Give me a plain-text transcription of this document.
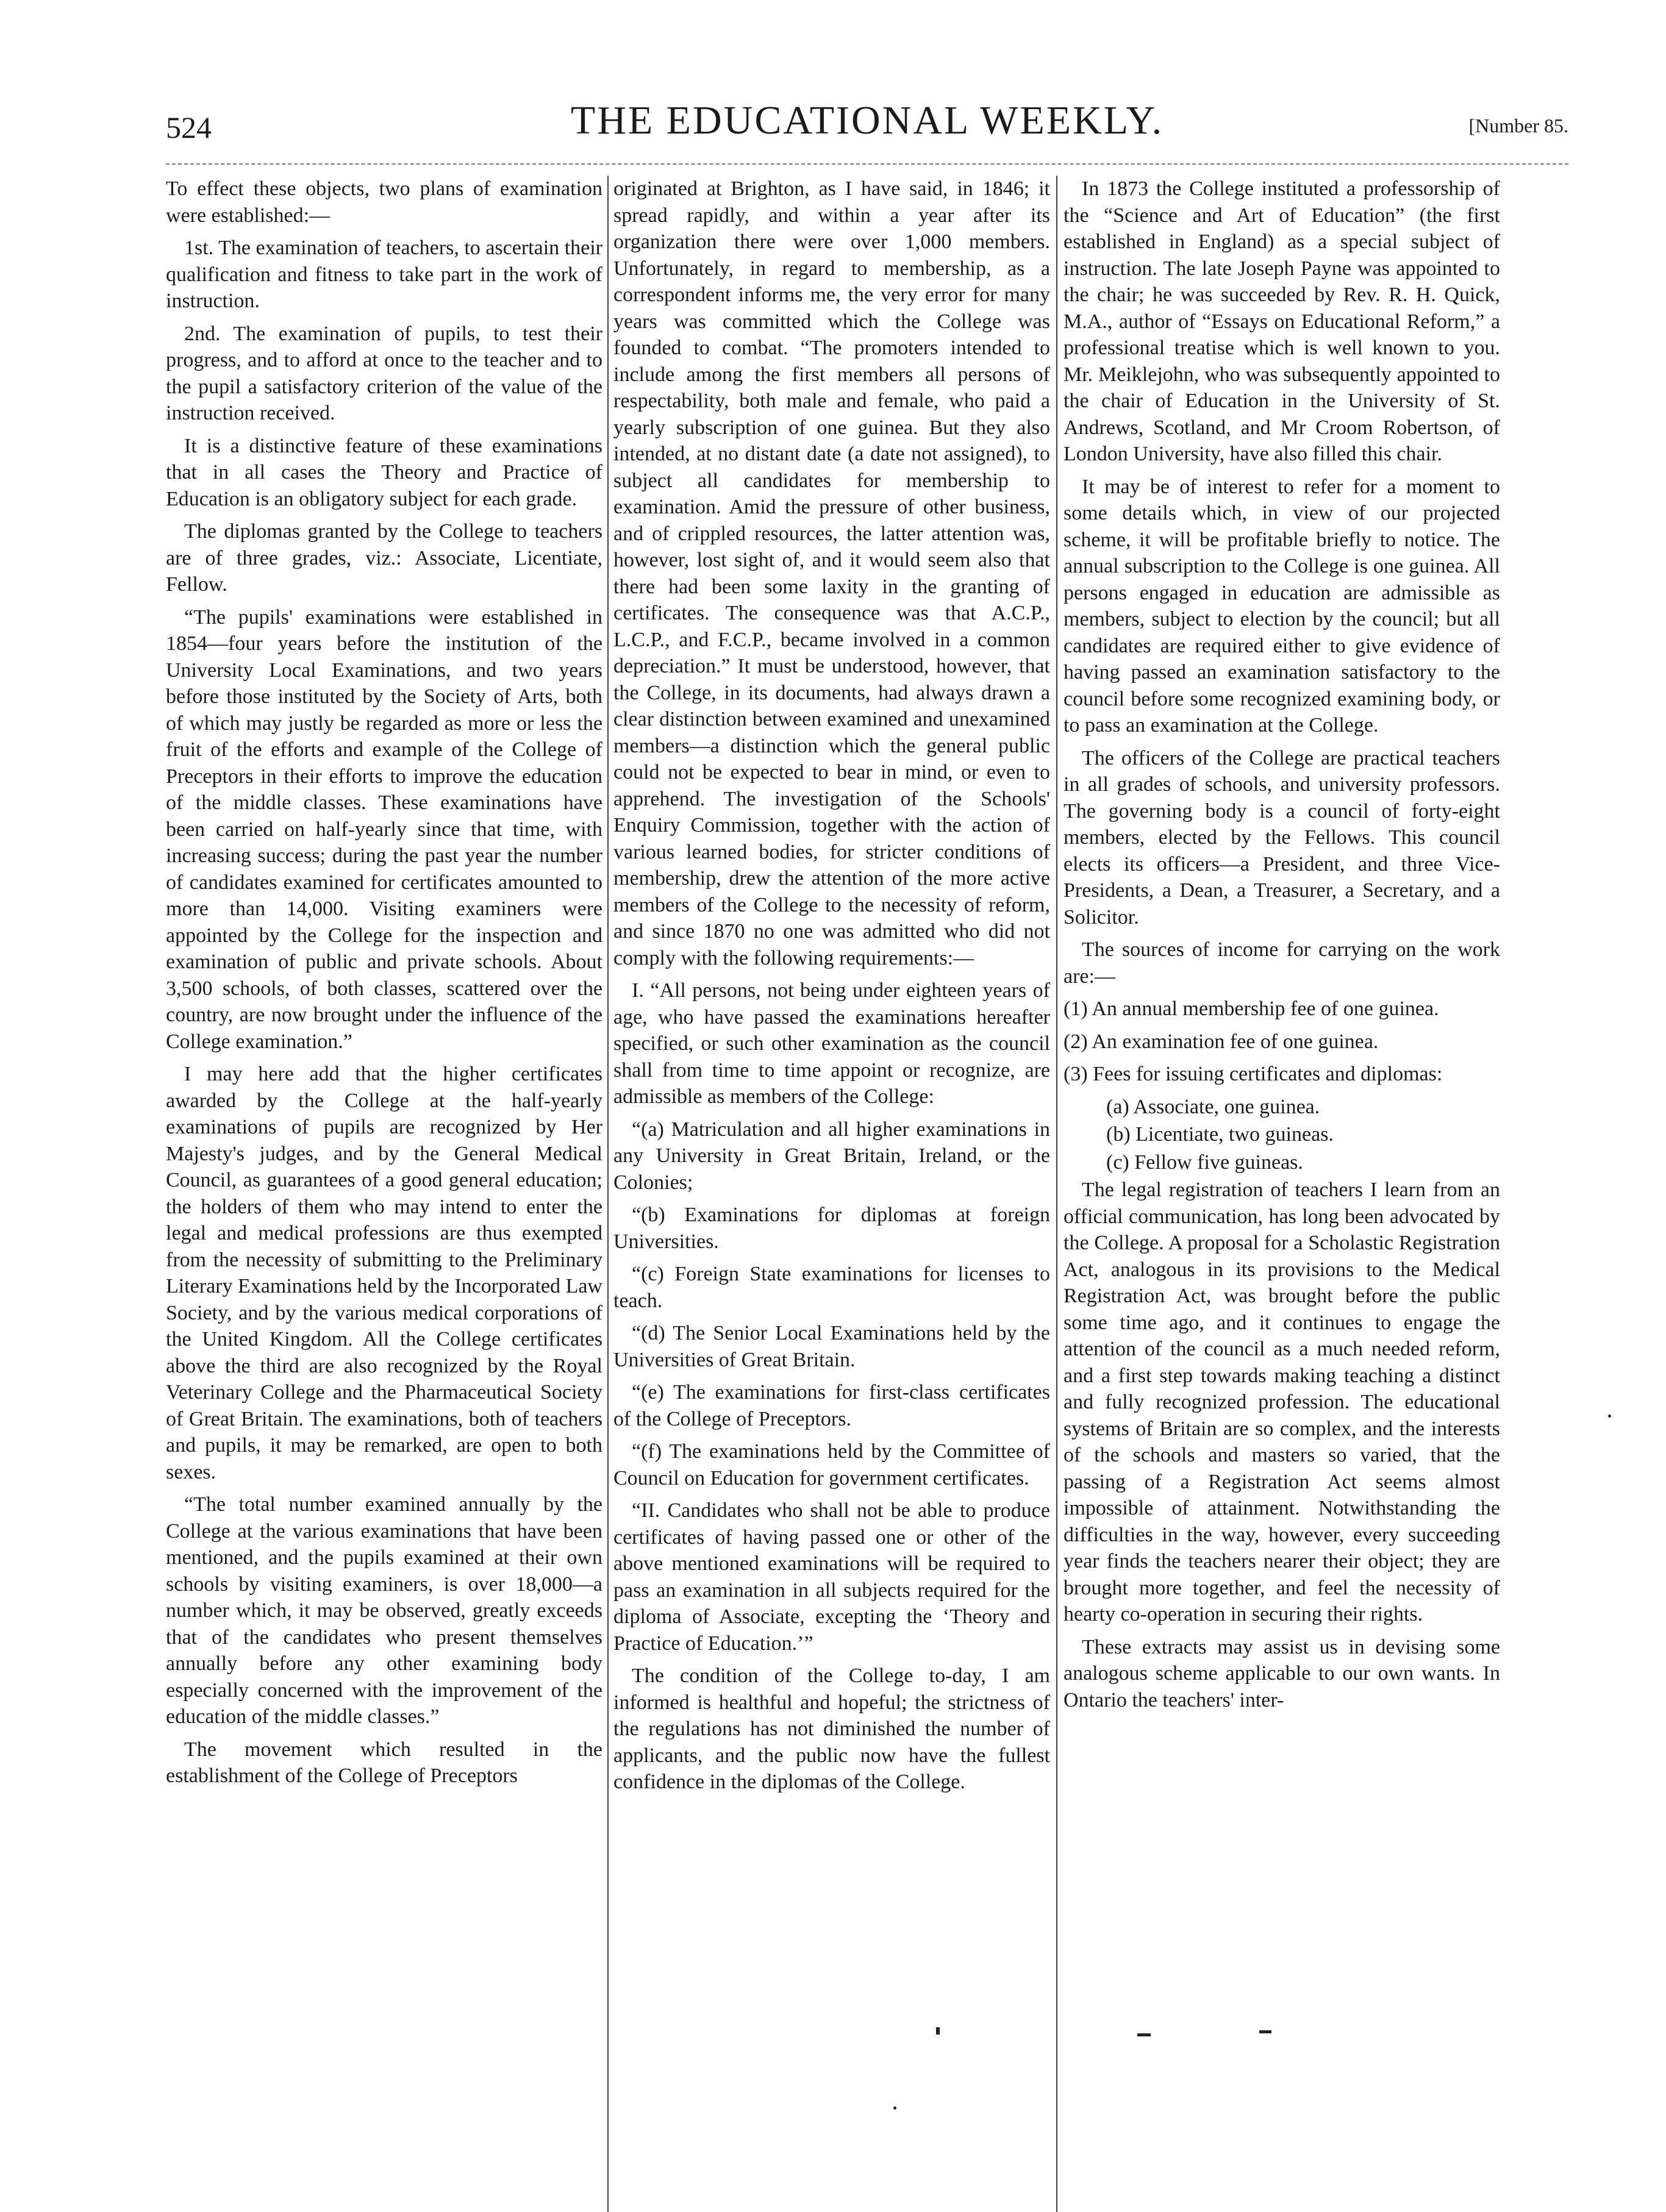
524	THE EDUCATIONAL WEEKLY.	[Number 85.

To effect these objects, two plans of examination were established:—

1st. The examination of teachers, to ascertain their qualification and fitness to take part in the work of instruction.

2nd. The examination of pupils, to test their progress, and to afford at once to the teacher and to the pupil a satisfactory criterion of the value of the instruction received.

It is a distinctive feature of these examinations that in all cases the Theory and Practice of Education is an obligatory subject for each grade.

The diplomas granted by the College to teachers are of three grades, viz.: Associate, Licentiate, Fellow.

“The pupils' examinations were established in 1854—four years before the institution of the University Local Examinations, and two years before those instituted by the Society of Arts, both of which may justly be regarded as more or less the fruit of the efforts and example of the College of Preceptors in their efforts to improve the education of the middle classes. These examinations have been carried on half-yearly since that time, with increasing success; during the past year the number of candidates examined for certificates amounted to more than 14,000. Visiting examiners were appointed by the College for the inspection and examination of public and private schools. About 3,500 schools, of both classes, scattered over the country, are now brought under the influence of the College examination.”

I may here add that the higher certificates awarded by the College at the half-yearly examinations of pupils are recognized by Her Majesty's judges, and by the General Medical Council, as guarantees of a good general education; the holders of them who may intend to enter the legal and medical professions are thus exempted from the necessity of submitting to the Preliminary Literary Examinations held by the Incorporated Law Society, and by the various medical corporations of the United Kingdom. All the College certificates above the third are also recognized by the Royal Veterinary College and the Pharmaceutical Society of Great Britain. The examinations, both of teachers and pupils, it may be remarked, are open to both sexes.

“The total number examined annually by the College at the various examinations that have been mentioned, and the pupils examined at their own schools by visiting examiners, is over 18,000—a number which, it may be observed, greatly exceeds that of the candidates who present themselves annually before any other examining body especially concerned with the improvement of the education of the middle classes.”

The movement which resulted in the establishment of the College of Preceptors

originated at Brighton, as I have said, in 1846; it spread rapidly, and within a year after its organization there were over 1,000 members. Unfortunately, in regard to membership, as a correspondent informs me, the very error for many years was committed which the College was founded to combat. “The promoters intended to include among the first members all persons of respectability, both male and female, who paid a yearly subscription of one guinea. But they also intended, at no distant date (a date not assigned), to subject all candidates for membership to examination. Amid the pressure of other business, and of crippled resources, the latter attention was, however, lost sight of, and it would seem also that there had been some laxity in the granting of certificates. The consequence was that A.C.P., L.C.P., and F.C.P., became involved in a common depreciation.” It must be understood, however, that the College, in its documents, had always drawn a clear distinction between examined and unexamined members—a distinction which the general public could not be expected to bear in mind, or even to apprehend. The investigation of the Schools' Enquiry Commission, together with the action of various learned bodies, for stricter conditions of membership, drew the attention of the more active members of the College to the necessity of reform, and since 1870 no one was admitted who did not comply with the following requirements:—

I. “All persons, not being under eighteen years of age, who have passed the examinations hereafter specified, or such other examination as the council shall from time to time appoint or recognize, are admissible as members of the College:

“(a) Matriculation and all higher examinations in any University in Great Britain, Ireland, or the Colonies;

“(b) Examinations for diplomas at foreign Universities.

“(c) Foreign State examinations for licenses to teach.

“(d) The Senior Local Examinations held by the Universities of Great Britain.

“(e) The examinations for first-class certificates of the College of Preceptors.

“(f) The examinations held by the Committee of Council on Education for government certificates.

“II. Candidates who shall not be able to produce certificates of having passed one or other of the above mentioned examinations will be required to pass an examination in all subjects required for the diploma of Associate, excepting the ‘Theory and Practice of Education.’”

The condition of the College to-day, I am informed is healthful and hopeful; the strictness of the regulations has not diminished the number of applicants, and the public now have the fullest confidence in the diplomas of the College.

In 1873 the College instituted a professorship of the “Science and Art of Education” (the first established in England) as a special subject of instruction. The late Joseph Payne was appointed to the chair; he was succeeded by Rev. R. H. Quick, M.A., author of “Essays on Educational Reform,” a professional treatise which is well known to you. Mr. Meiklejohn, who was subsequently appointed to the chair of Education in the University of St. Andrews, Scotland, and Mr Croom Robertson, of London University, have also filled this chair.

It may be of interest to refer for a moment to some details which, in view of our projected scheme, it will be profitable briefly to notice. The annual subscription to the College is one guinea. All persons engaged in education are admissible as members, subject to election by the council; but all candidates are required either to give evidence of having passed an examination satisfactory to the council before some recognized examining body, or to pass an examination at the College.

The officers of the College are practical teachers in all grades of schools, and university professors. The governing body is a council of forty-eight members, elected by the Fellows. This council elects its officers—a President, and three Vice-Presidents, a Dean, a Treasurer, a Secretary, and a Solicitor.

The sources of income for carrying on the work are:—

(1) An annual membership fee of one guinea.

(2) An examination fee of one guinea.

(3) Fees for issuing certificates and diplomas:

(a) Associate, one guinea.

(b) Licentiate, two guineas.

(c) Fellow five guineas.

The legal registration of teachers I learn from an official communication, has long been advocated by the College. A proposal for a Scholastic Registration Act, analogous in its provisions to the Medical Registration Act, was brought before the public some time ago, and it continues to engage the attention of the council as a much needed reform, and a first step towards making teaching a distinct and fully recognized profession. The educational systems of Britain are so complex, and the interests of the schools and masters so varied, that the passing of a Registration Act seems almost impossible of attainment. Notwithstanding the difficulties in the way, however, every succeeding year finds the teachers nearer their object; they are brought more together, and feel the necessity of hearty co-operation in securing their rights.

These extracts may assist us in devising some analogous scheme applicable to our own wants. In Ontario the teachers' inter-
